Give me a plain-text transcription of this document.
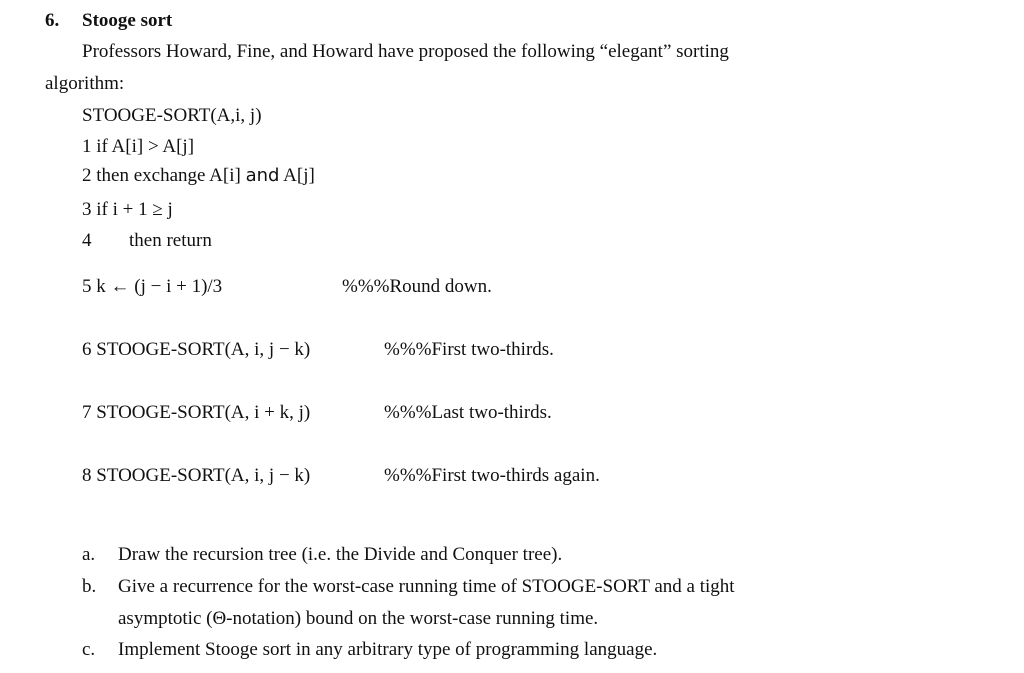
6. Stooge sort
Professors Howard, Fine, and Howard have proposed the following “elegant” sorting
algorithm:
STOOGE-SORT(A,i, j)
1 if A[i] > A[j]
2 then exchange A[i] and A[j]
3 if i + 1 ≥ j
4 then return
5 k ← (j − i + 1)/3	%%%Round down.
6 STOOGE-SORT(A, i, j − k)	%%%First two-thirds.
7 STOOGE-SORT(A, i + k, j)	%%%Last two-thirds.
8 STOOGE-SORT(A, i, j − k)	%%%First two-thirds again.
a. Draw the recursion tree (i.e. the Divide and Conquer tree).
b. Give a recurrence for the worst-case running time of STOOGE-SORT and a tight
asymptotic (Θ-notation) bound on the worst-case running time.
c. Implement Stooge sort in any arbitrary type of programming language.
